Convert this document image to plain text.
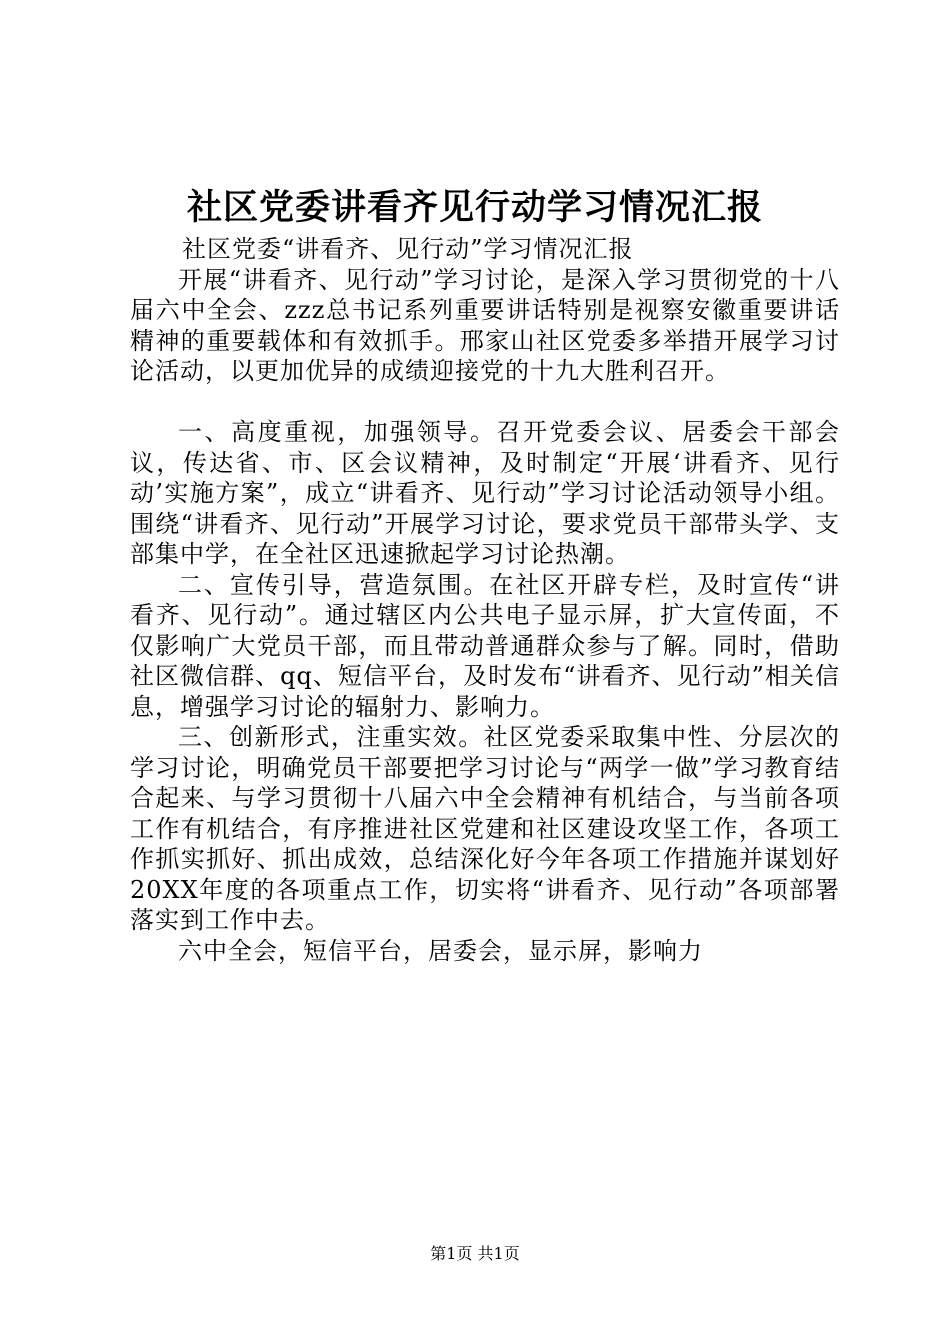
社区党委讲看齐见行动学习情况汇报
社区党委“讲看齐、见行动”学习情况汇报

开展“讲看齐、见行动”学习讨论，是深入学习贯彻党的十八届六中全会、zzz总书记系列重要讲话特别是视察安徽重要讲话精神的重要载体和有效抓手。邢家山社区党委多举措开展学习讨论活动，以更加优异的成绩迎接党的十九大胜利召开。

一、高度重视，加强领导。召开党委会议、居委会干部会议，传达省、市、区会议精神，及时制定“开展‘讲看齐、见行动’实施方案”，成立“讲看齐、见行动”学习讨论活动领导小组。围绕“讲看齐、见行动”开展学习讨论，要求党员干部带头学、支部集中学，在全社区迅速掀起学习讨论热潮。

二、宣传引导，营造氛围。在社区开辟专栏，及时宣传“讲看齐、见行动”。通过辖区内公共电子显示屏，扩大宣传面，不仅影响广大党员干部，而且带动普通群众参与了解。同时，借助社区微信群、qq、短信平台，及时发布“讲看齐、见行动”相关信息，增强学习讨论的辐射力、影响力。

三、创新形式，注重实效。社区党委采取集中性、分层次的学习讨论，明确党员干部要把学习讨论与“两学一做”学习教育结合起来、与学习贯彻十八届六中全会精神有机结合，与当前各项工作有机结合，有序推进社区党建和社区建设攻坚工作，各项工作抓实抓好、抓出成效，总结深化好今年各项工作措施并谋划好20XX年度的各项重点工作，切实将“讲看齐、见行动”各项部署落实到工作中去。

六中全会，短信平台，居委会，显示屏，影响力

第1页 共1页
